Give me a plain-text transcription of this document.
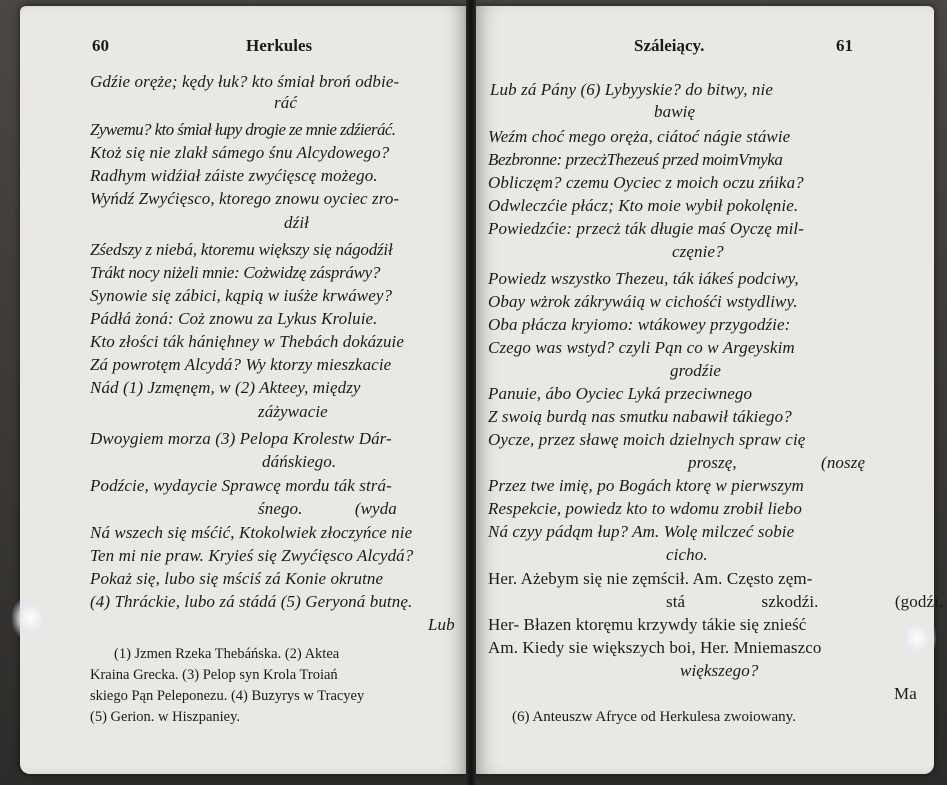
60	Herkules
Gdźie oręże; kędy łuk? kto śmiał broń odbie-
ráć
Zywemu? kto śmiał łupy drogie ze mnie zdźieráć.
Ktoż się nie zlakł sámego śnu Alcydowego?
Radhym widźiał záiste zwyćięscę możego.
Wyńdź Zwyćięsco, ktorego znowu oyciec zro-
dźił
Zśedszy z niebá, ktoremu większy się nágodźił
Trákt nocy niżeli mnie: Cożwidzę záspráwy?
Synowie się zábici, kąpią w iuśże krwáwey?
Pádłá żoná: Coż znowu za Lykus Kroluie.
Kto złości ták hánięhney w Thebách dokázuie
Zá powrotęm Alcydá? Wy ktorzy mieszkacie
Nád (1) Jzmęnęm, w (2) Akteey, między
záżywacie
Dwoygiem morza (3) Pelopa Krolestw Dár-
dáńskiego.
Podźcie, wydaycie Sprawcę mordu ták strá-
śnego. (wyda
Ná wszech się mśćić, Ktokolwiek złoczyńce nie
Ten mi nie praw. Kryieś się Zwyćięsco Alcydá?
Pokaż się, lubo się mściś zá Konie okrutne
(4) Thráckie, lubo zá stádá (5) Geryoná butnę.
Lub
(1) Jzmen Rzeka Thebáńska. (2) Aktea
Kraina Grecka. (3) Pelop syn Krola Troiań
skiego Pąn Peleponezu. (4) Buzyrys w Tracyey
(5) Gerion. w Hiszpaniey.
Száleiący.	61
Lub zá Pány (6) Lybyyskie? do bitwy, nie
bawię
Weźm choć mego oręża, ciátoć nágie stáwie
Bezbronne: przecżThezeuś przed moimVmyka
Obliczęm? czemu Oyciec z moich oczu zńika?
Odwleczćie płácz; Kto moie wybił pokolęnie.
Powiedzćie: przecż ták długie maś Oyczę mil-
częnie?
Powiedz wszystko Thezeu, ták iákeś podciwy,
Obay wżrok zákrywáią w cichośći wstydliwy.
Oba płácza kryiomo: wtákowey przygodźie:
Czego was wstyd? czyli Pąn co w Argeyskim
grodźie
Panuie, ábo Oyciec Lyká przeciwnego
Z swoią burdą nas smutku nabawił tákiego?
Oycze, przez sławę moich dzielnych spraw cię
proszę, (noszę
Przez twe imię, po Bogách ktorę w pierwszym
Respekcie, powiedz kto to wdomu zrobił liebo
Ná czyy pádąm łup? Am. Wolę milczeć sobie
cicho.
Her. Ażebym się nie zęmścił. Am. Często zęm-
stá szkodźi. (godźi.
Her- Błazen ktoręmu krzywdy tákie się znieść
Am. Kiedy sie większych boi, Her. Mniemaszco
większego?
Ma
(6) Anteuszw Afryce od Herkulesa zwoiowany.
